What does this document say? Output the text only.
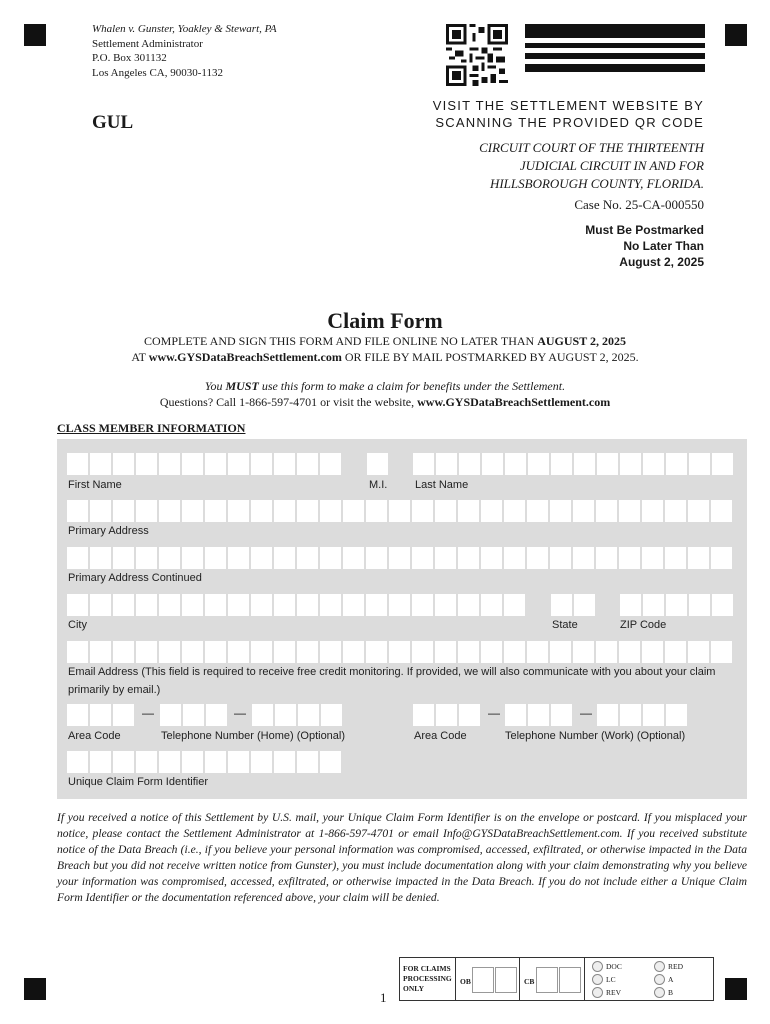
Whalen v. Gunster, Yoakley & Stewart, PA
Settlement Administrator
P.O. Box 301132
Los Angeles CA, 90030-1132
GUL
VISIT THE SETTLEMENT WEBSITE BY
SCANNING THE PROVIDED QR CODE
CIRCUIT COURT OF THE THIRTEENTH
JUDICIAL CIRCUIT IN AND FOR
HILLSBOROUGH COUNTY, FLORIDA.
Case No. 25-CA-000550
Must Be Postmarked
No Later Than
August 2, 2025
Claim Form
COMPLETE AND SIGN THIS FORM AND FILE ONLINE NO LATER THAN AUGUST 2, 2025
AT www.GYSDataBreachSettlement.com OR FILE BY MAIL POSTMARKED BY AUGUST 2, 2025.
You MUST use this form to make a claim for benefits under the Settlement.
Questions? Call 1-866-597-4701 or visit the website, www.GYSDataBreachSettlement.com
CLASS MEMBER INFORMATION
First Name	M.I.	Last Name
Primary Address
Primary Address Continued
City	State	ZIP Code
Email Address (This field is required to receive free credit monitoring. If provided, we will also communicate with you about your claim primarily by email.)
—	—	—	—
Area Code	Telephone Number (Home) (Optional)	Area Code	Telephone Number (Work) (Optional)
Unique Claim Form Identifier
If you received a notice of this Settlement by U.S. mail, your Unique Claim Form Identifier is on the envelope or postcard. If you misplaced your notice, please contact the Settlement Administrator at 1-866-597-4701 or email Info@GYSDataBreachSettlement.com. If you received substitute notice of the Data Breach (i.e., if you believe your personal information was compromised, accessed, exfiltrated, or otherwise impacted in the Data Breach but you did not receive written notice from Gunster), you must include documentation along with your claim demonstrating why you believe your information was compromised, accessed, exfiltrated, or otherwise impacted in the Data Breach. If you do not include either a Unique Claim Form Identifier or the documentation referenced above, your claim will be denied.
FOR CLAIMS PROCESSING ONLY
OB	CB
DOC
LC
REV
RED
A
B
1
